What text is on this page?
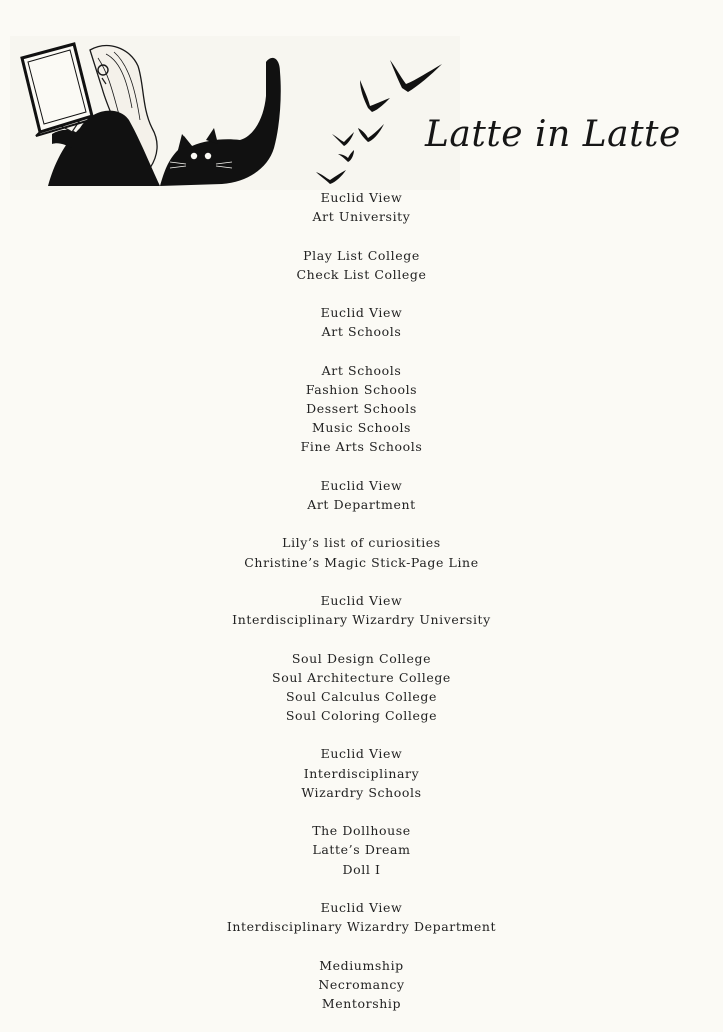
Latte in Latte
Euclid View
Art University
Play List College
Check List College
Euclid View
Art Schools
Art Schools
Fashion Schools
Dessert Schools
Music Schools
Fine Arts Schools
Euclid View
Art Department
Lily’s list of curiosities
Christine’s Magic Stick-Page Line
Euclid View
Interdisciplinary Wizardry University
Soul Design College
Soul Architecture College
Soul Calculus College
Soul Coloring College
Euclid View
Interdisciplinary
Wizardry Schools
The Dollhouse
Latte’s Dream
Doll I
Euclid View
Interdisciplinary Wizardry Department
Mediumship
Necromancy
Mentorship
